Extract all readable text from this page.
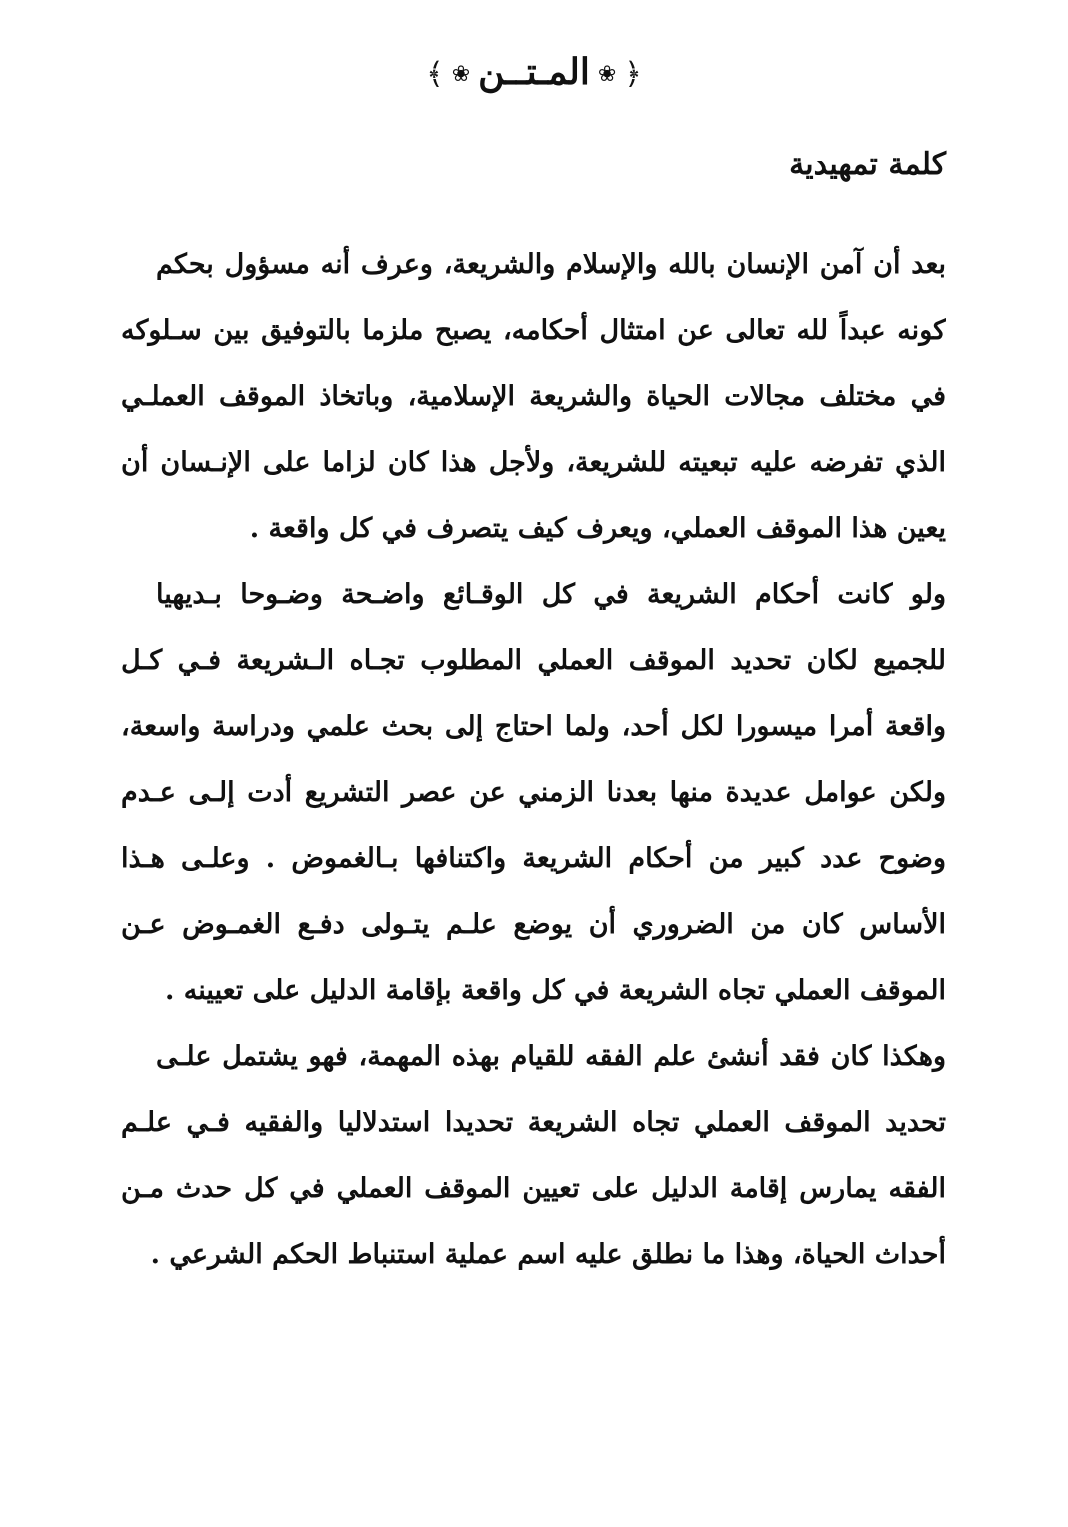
﴿❀المـتــن❀﴾
كلمة تمهيدية
بعد أن آمن الإنسان بالله والإسلام والشريعة، وعرف أنه مسؤول بحكم
كونه عبداً لله تعالى عن امتثال أحكامه، يصبح ملزما بالتوفيق بين سـلوكه
في مختلف مجالات الحياة والشريعة الإسلامية، وباتخاذ الموقف العملـي
الذي تفرضه عليه تبعيته للشريعة، ولأجل هذا كان لزاما على الإنـسان أن
يعين هذا الموقف العملي، ويعرف كيف يتصرف في كل واقعة .
ولو كانت أحكام الشريعة في كل الوقـائع واضـحة وضـوحا بـديهيا
للجميع لكان تحديد الموقف العملي المطلوب تجـاه الـشريعة فـي كـل
واقعة أمرا ميسورا لكل أحد، ولما احتاج إلى بحث علمي ودراسة واسعة،
ولكن عوامل عديدة منها بعدنا الزمني عن عصر التشريع أدت إلـى عـدم
وضوح عدد كبير من أحكام الشريعة واكتنافها بـالغموض . وعلـى هـذا
الأساس كان من الضروري أن يوضع علـم يتـولى دفـع الغمـوض عـن
الموقف العملي تجاه الشريعة في كل واقعة بإقامة الدليل على تعيينه .
وهكذا كان فقد أنشئ علم الفقه للقيام بهذه المهمة، فهو يشتمل علـى
تحديد الموقف العملي تجاه الشريعة تحديدا استدلاليا والفقيه فـي علـم
الفقه يمارس إقامة الدليل على تعيين الموقف العملي في كل حدث مـن
أحداث الحياة، وهذا ما نطلق عليه اسم عملية استنباط الحكم الشرعي .
